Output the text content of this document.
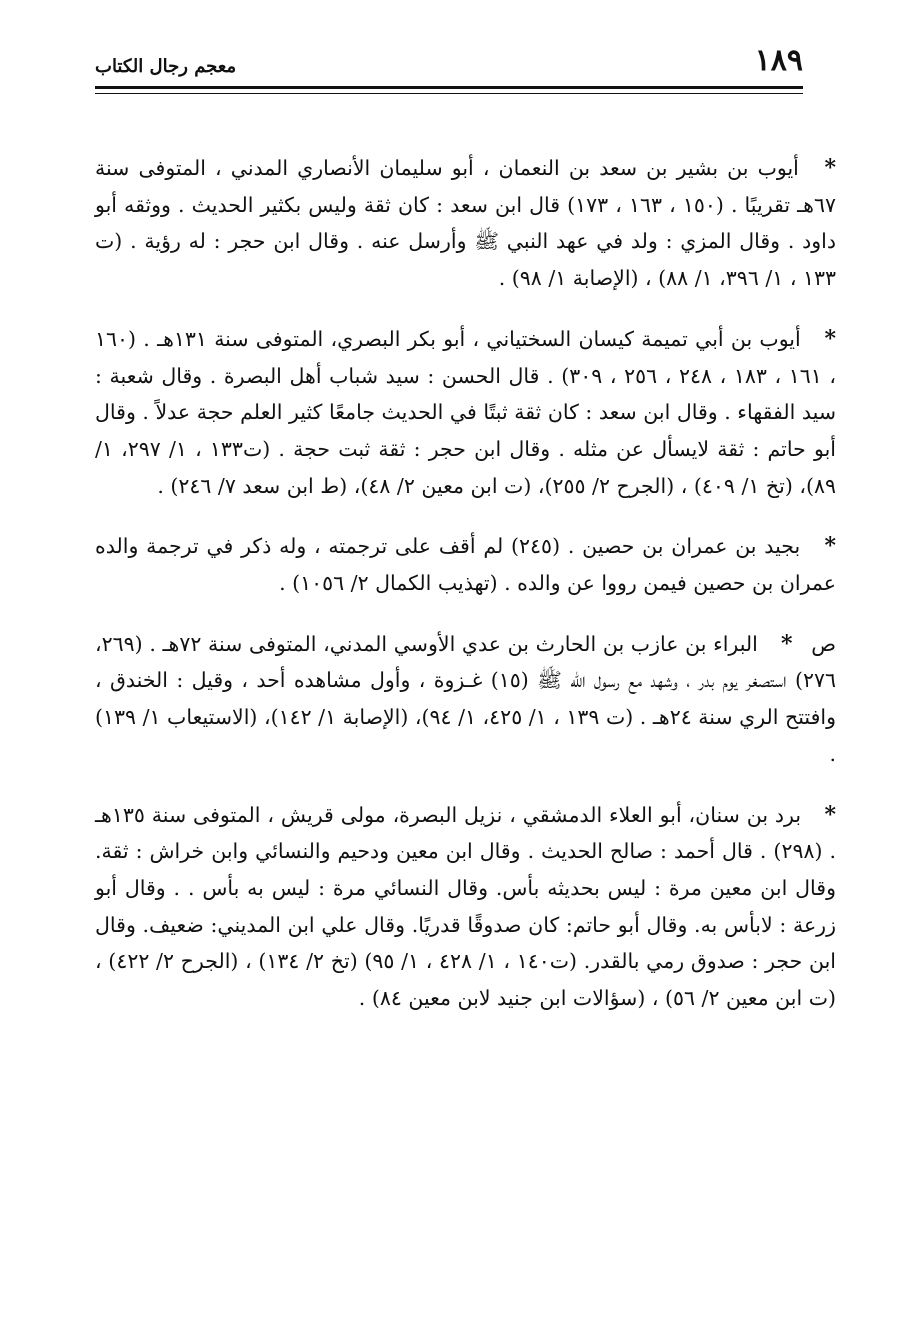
١٨٩
معجم رجال الكتاب

* أيوب بن بشير بن سعد بن النعمان ، أبو سليمان الأنصاري المدني ، المتوفى سنة ٦٧هـ تقريبًا . (١٥٠ ، ١٦٣ ، ١٧٣) قال ابن سعد : كان ثقة وليس بكثير الحديث . ووثقه أبو داود . وقال المزي : ولد في عهد النبي ﷺ وأرسل عنه . وقال ابن حجر : له رؤية . (ت ١٣٣ ، ١/ ٣٩٦، ١/ ٨٨) ، (الإصابة ١/ ٩٨) .

* أيوب بن أبي تميمة كيسان السختياني ، أبو بكر البصري، المتوفى سنة ١٣١هـ . (١٦٠ ، ١٦١ ، ١٨٣ ، ٢٤٨ ، ٢٥٦ ، ٣٠٩) . قال الحسن : سيد شباب أهل البصرة . وقال شعبة : سيد الفقهاء . وقال ابن سعد : كان ثقة ثبتًا في الحديث جامعًا كثير العلم حجة عدلاً . وقال أبو حاتم : ثقة لايسأل عن مثله . وقال ابن حجر : ثقة ثبت حجة . (ت١٣٣ ، ١/ ٢٩٧، ١/ ٨٩)، (تخ ١/ ٤٠٩) ، (الجرح ٢/ ٢٥٥)، (ت ابن معين ٢/ ٤٨)، (ط ابن سعد ٧/ ٢٤٦) .

* بجيد بن عمران بن حصين . (٢٤٥) لم أقف على ترجمته ، وله ذكر في ترجمة والده عمران بن حصين فيمن رووا عن والده . (تهذيب الكمال ٢/ ١٠٥٦) .

ص * البراء بن عازب بن الحارث بن عدي الأوسي المدني، المتوفى سنة ٧٢هـ . (٢٦٩، ٢٧٦) استصغر يوم بدر ، وشهد مع رسول الله ﷺ (١٥) غـزوة ، وأول مشاهده أحد ، وقيل : الخندق ، وافتتح الري سنة ٢٤هـ . (ت ١٣٩ ، ١/ ٤٢٥، ١/ ٩٤)، (الإصابة ١/ ١٤٢)، (الاستيعاب ١/ ١٣٩) .

* برد بن سنان، أبو العلاء الدمشقي ، نزيل البصرة، مولى قريش ، المتوفى سنة ١٣٥هـ . (٢٩٨) . قال أحمد : صالح الحديث . وقال ابن معين ودحيم والنسائي وابن خراش : ثقة. وقال ابن معين مرة : ليس بحديثه بأس. وقال النسائي مرة : ليس به بأس . . وقال أبو زرعة : لابأس به. وقال أبو حاتم: كان صدوقًا قدريًا. وقال علي ابن المديني: ضعيف. وقال ابن حجر : صدوق رمي بالقدر. (ت١٤٠ ، ١/ ٤٢٨ ، ١/ ٩٥) (تخ ٢/ ١٣٤) ، (الجرح ٢/ ٤٢٢) ، (ت ابن معين ٢/ ٥٦) ، (سؤالات ابن جنيد لابن معين ٨٤) .
